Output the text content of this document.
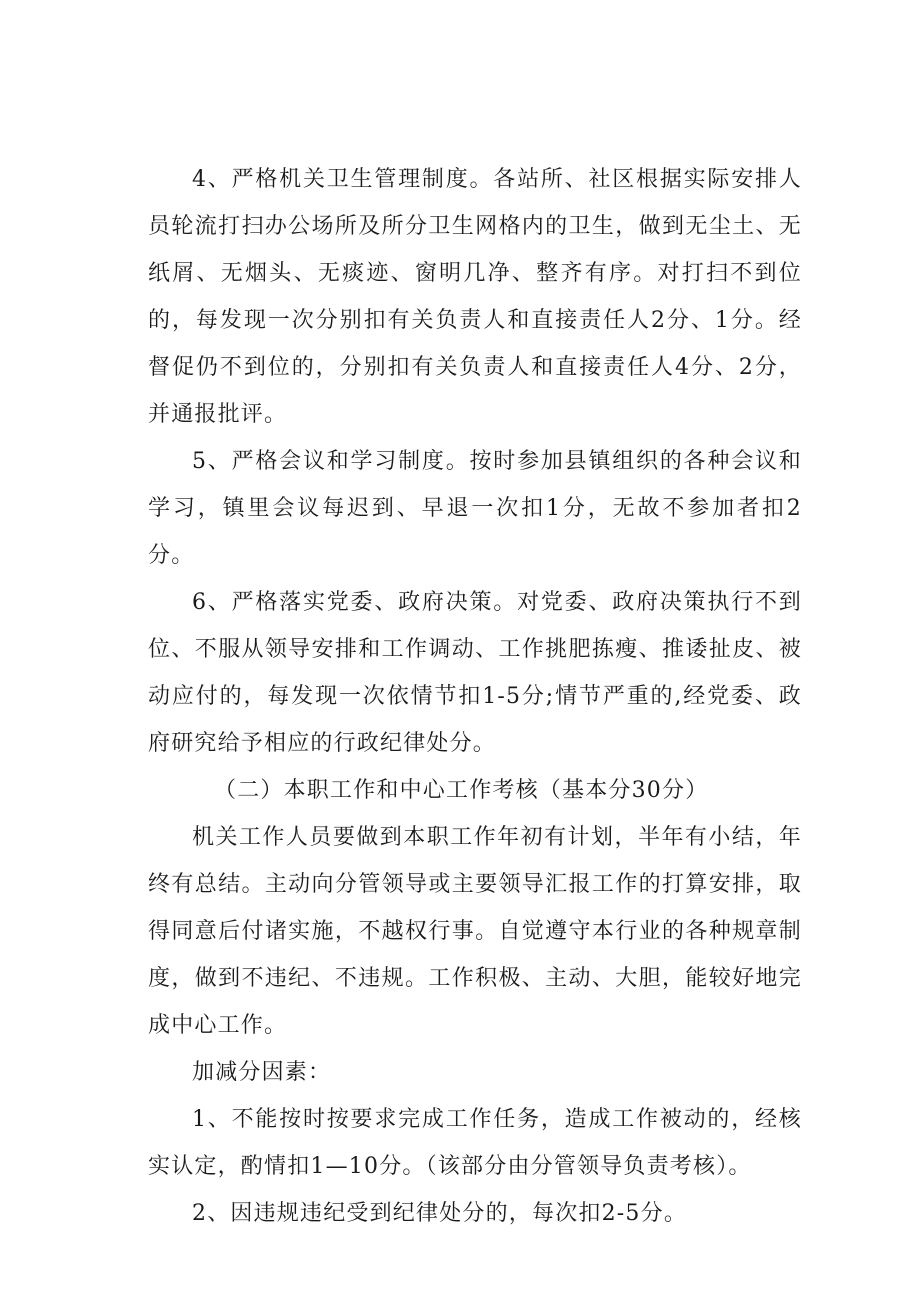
4、严格机关卫生管理制度。各站所、社区根据实际安排人员轮流打扫办公场所及所分卫生网格内的卫生，做到无尘土、无纸屑、无烟头、无痰迹、窗明几净、整齐有序。对打扫不到位的，每发现一次分别扣有关负责人和直接责任人2分、1分。经督促仍不到位的，分别扣有关负责人和直接责任人4分、2分，并通报批评。

5、严格会议和学习制度。按时参加县镇组织的各种会议和学习，镇里会议每迟到、早退一次扣1分，无故不参加者扣2分。

6、严格落实党委、政府决策。对党委、政府决策执行不到位、不服从领导安排和工作调动、工作挑肥拣瘦、推诿扯皮、被动应付的，每发现一次依情节扣1-5分;情节严重的,经党委、政府研究给予相应的行政纪律处分。

（二）本职工作和中心工作考核（基本分30分）

机关工作人员要做到本职工作年初有计划，半年有小结，年终有总结。主动向分管领导或主要领导汇报工作的打算安排，取得同意后付诸实施，不越权行事。自觉遵守本行业的各种规章制度，做到不违纪、不违规。工作积极、主动、大胆，能较好地完成中心工作。

加减分因素：

1、不能按时按要求完成工作任务，造成工作被动的，经核实认定，酌情扣1—10分。（该部分由分管领导负责考核）。

2、因违规违纪受到纪律处分的，每次扣2-5分。
